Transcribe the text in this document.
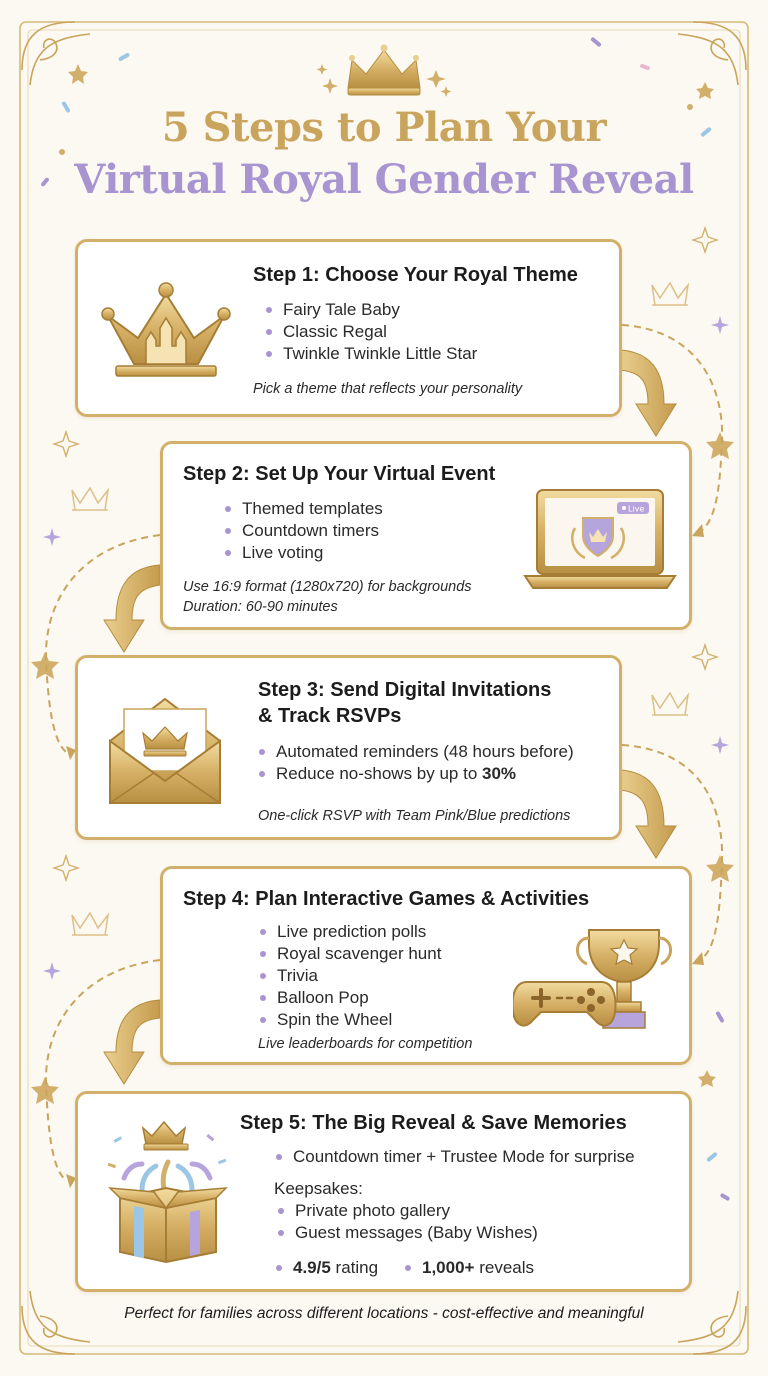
5 Steps to Plan Your
Virtual Royal Gender Reveal
Step 1: Choose Your Royal Theme
Fairy Tale Baby
Classic Regal
Twinkle Twinkle Little Star
Pick a theme that reflects your personality
Step 2: Set Up Your Virtual Event
Themed templates
Countdown timers
Live voting
Use 16:9 format (1280x720) for backgrounds
Duration: 60-90 minutes
Live
Step 3: Send Digital Invitations
& Track RSVPs
Automated reminders (48 hours before)
Reduce no-shows by up to 30%
One-click RSVP with Team Pink/Blue predictions
Step 4: Plan Interactive Games & Activities
Live prediction polls
Royal scavenger hunt
Trivia
Balloon Pop
Spin the Wheel
Live leaderboards for competition
Step 5: The Big Reveal & Save Memories
Countdown timer + Trustee Mode for surprise
Keepsakes:
Private photo gallery
Guest messages (Baby Wishes)
4.9/5 rating	1,000+ reveals
Perfect for families across different locations - cost-effective and meaningful
